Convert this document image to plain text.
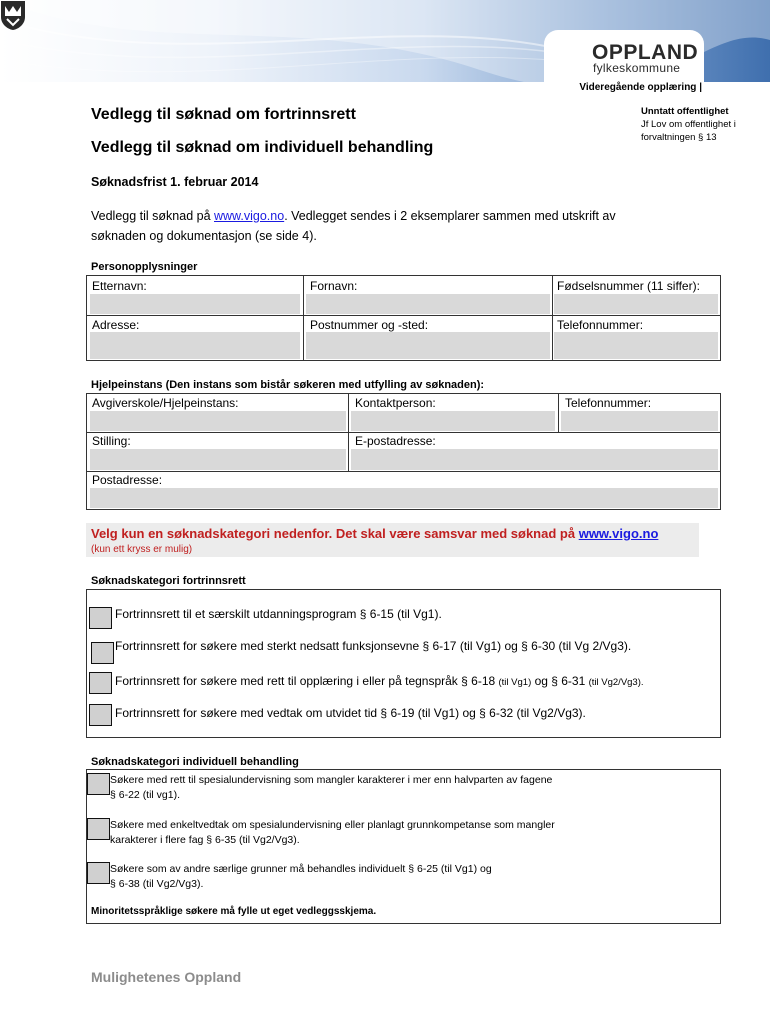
OPPLAND
fylkeskommune
Videregående opplæring |
Unntatt offentlighet
Jf Lov om offentlighet i
forvaltningen § 13
Vedlegg til søknad om fortrinnsrett
Vedlegg til søknad om individuell behandling
Søknadsfrist 1. februar 2014
Vedlegg til søknad på www.vigo.no. Vedlegget sendes i 2 eksemplarer sammen med utskrift av
søknaden og dokumentasjon (se side 4).
Personopplysninger
Etternavn:	Fornavn:	Fødselsnummer (11 siffer):
Adresse:	Postnummer og -sted:	Telefonnummer:
Hjelpeinstans (Den instans som bistår søkeren med utfylling av søknaden):
Avgiverskole/Hjelpeinstans:	Kontaktperson:	Telefonnummer:
Stilling:	E-postadresse:
Postadresse:
Velg kun en søknadskategori nedenfor. Det skal være samsvar med søknad på www.vigo.no
(kun ett kryss er mulig)
Søknadskategori fortrinnsrett
Fortrinnsrett til et særskilt utdanningsprogram § 6-15 (til Vg1).
Fortrinnsrett for søkere med sterkt nedsatt funksjonsevne § 6-17 (til Vg1) og § 6-30 (til Vg 2/Vg3).
Fortrinnsrett for søkere med rett til opplæring i eller på tegnspråk § 6-18 (til Vg1) og § 6-31 (til Vg2/Vg3).
Fortrinnsrett for søkere med vedtak om utvidet tid § 6-19 (til Vg1) og § 6-32 (til Vg2/Vg3).
Søknadskategori individuell behandling
Søkere med rett til spesialundervisning som mangler karakterer i mer enn halvparten av fagene
§ 6-22 (til vg1).
Søkere med enkeltvedtak om spesialundervisning eller planlagt grunnkompetanse som mangler
karakterer i flere fag § 6-35 (til Vg2/Vg3).
Søkere som av andre særlige grunner må behandles individuelt § 6-25 (til Vg1) og
§ 6-38 (til Vg2/Vg3).
Minoritetsspråklige søkere må fylle ut eget vedleggsskjema.
Mulighetenes Oppland
